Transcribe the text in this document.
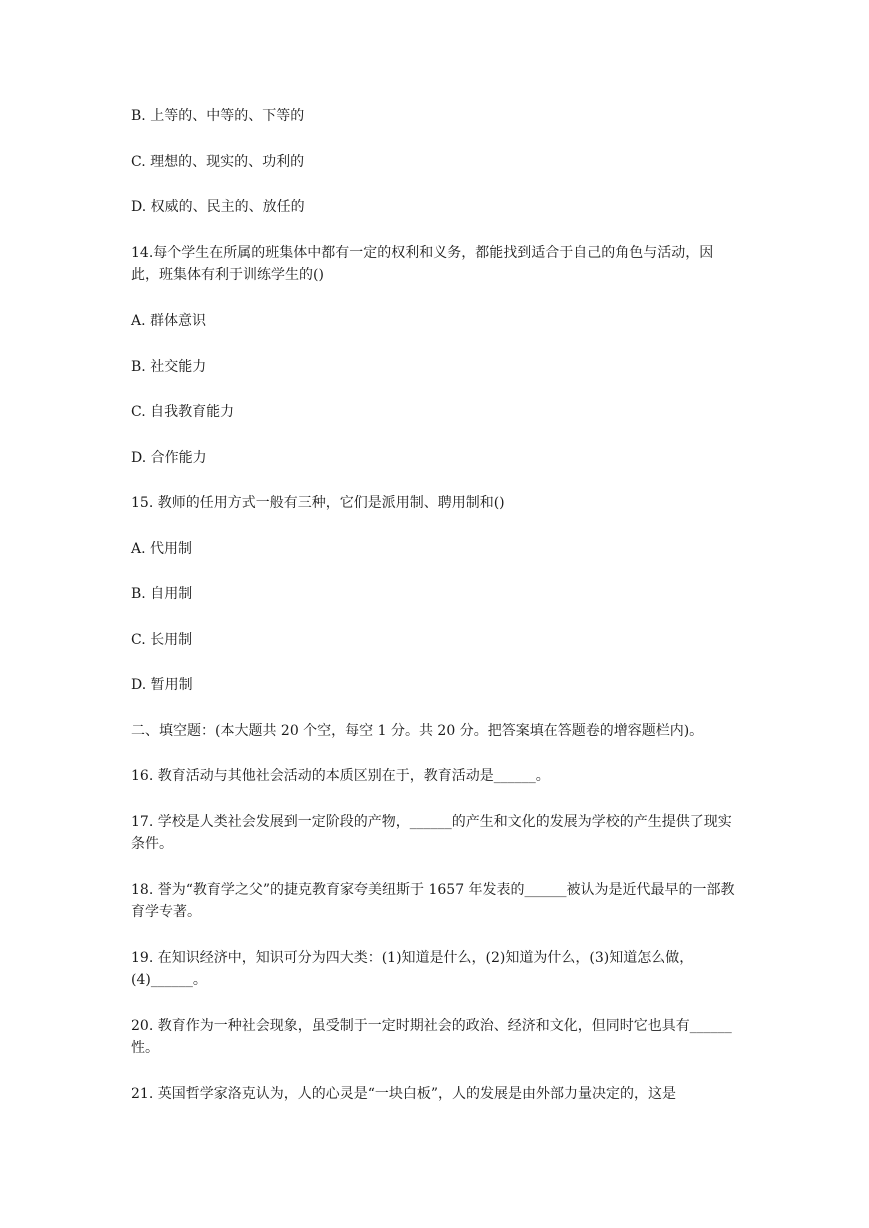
B. 上等的、中等的、下等的

C. 理想的、现实的、功利的

D. 权威的、民主的、放任的

14.每个学生在所属的班集体中都有一定的权利和义务，都能找到适合于自己的角色与活动，因此，班集体有利于训练学生的()

A. 群体意识

B. 社交能力

C. 自我教育能力

D. 合作能力

15. 教师的任用方式一般有三种，它们是派用制、聘用制和()

A. 代用制

B. 自用制

C. 长用制

D. 暂用制

二、填空题：(本大题共 20 个空，每空 1 分。共 20 分。把答案填在答题卷的增容题栏内)。

16. 教育活动与其他社会活动的本质区别在于，教育活动是______。

17. 学校是人类社会发展到一定阶段的产物，______的产生和文化的发展为学校的产生提供了现实条件。

18. 誉为“教育学之父”的捷克教育家夸美纽斯于 1657 年发表的______被认为是近代最早的一部教育学专著。

19. 在知识经济中，知识可分为四大类：(1)知道是什么，(2)知道为什么，(3)知道怎么做，(4)______。

20. 教育作为一种社会现象，虽受制于一定时期社会的政治、经济和文化，但同时它也具有______性。

21. 英国哲学家洛克认为，人的心灵是“一块白板”，人的发展是由外部力量决定的，这是
